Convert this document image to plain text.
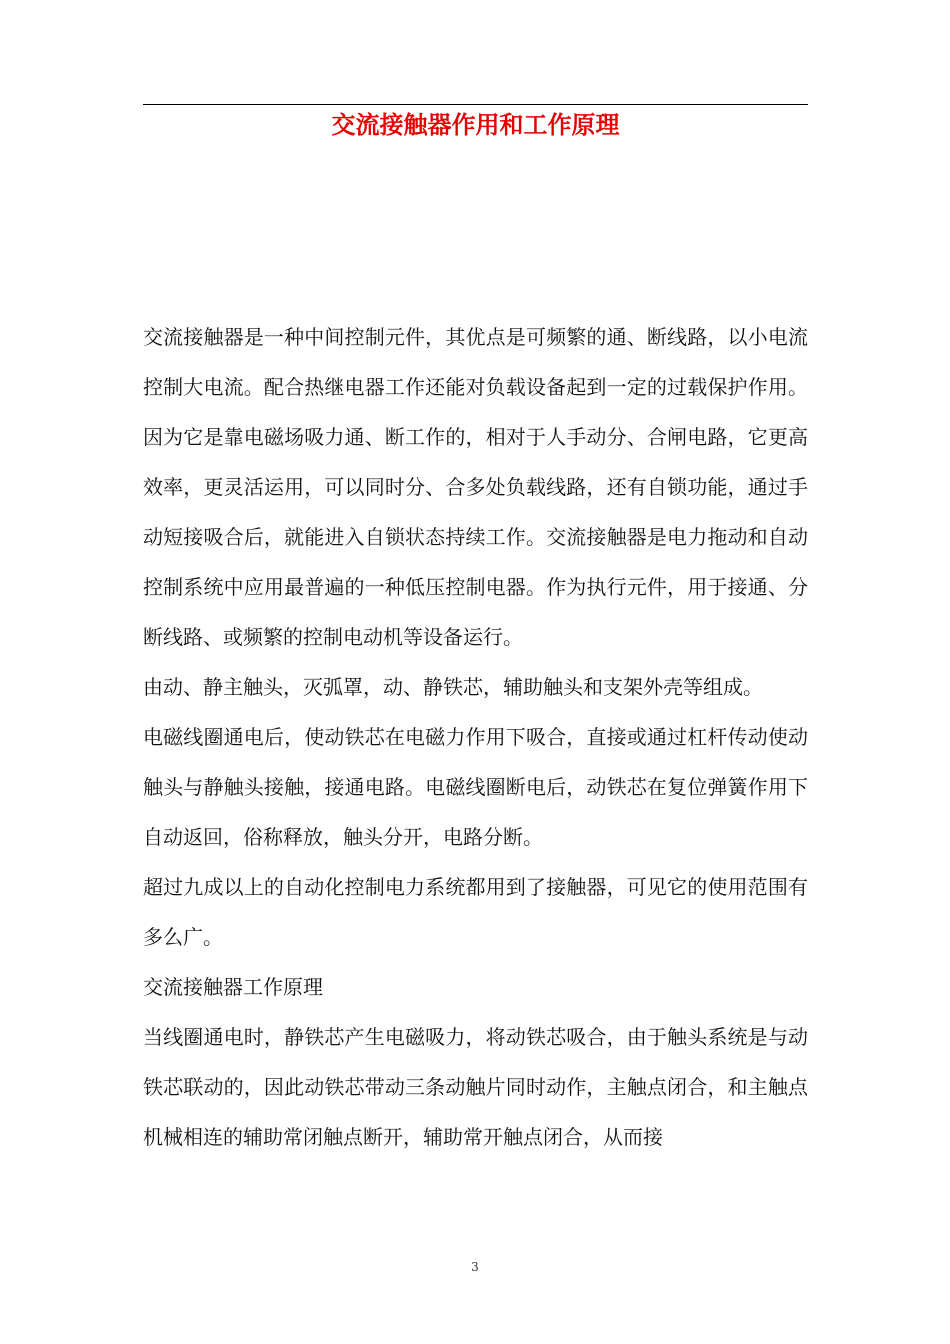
交流接触器作用和工作原理

交流接触器是一种中间控制元件，其优点是可频繁的通、断线路，以小电流控制大电流。配合热继电器工作还能对负载设备起到一定的过载保护作用。因为它是靠电磁场吸力通、断工作的，相对于人手动分、合闸电路，它更高效率，更灵活运用，可以同时分、合多处负载线路，还有自锁功能，通过手动短接吸合后，就能进入自锁状态持续工作。交流接触器是电力拖动和自动控制系统中应用最普遍的一种低压控制电器。作为执行元件，用于接通、分断线路、或频繁的控制电动机等设备运行。

由动、静主触头，灭弧罩，动、静铁芯，辅助触头和支架外壳等组成。

电磁线圈通电后，使动铁芯在电磁力作用下吸合，直接或通过杠杆传动使动触头与静触头接触，接通电路。电磁线圈断电后，动铁芯在复位弹簧作用下自动返回，俗称释放，触头分开，电路分断。

超过九成以上的自动化控制电力系统都用到了接触器，可见它的使用范围有多么广。

交流接触器工作原理

当线圈通电时，静铁芯产生电磁吸力，将动铁芯吸合，由于触头系统是与动铁芯联动的，因此动铁芯带动三条动触片同时动作，主触点闭合，和主触点机械相连的辅助常闭触点断开，辅助常开触点闭合，从而接

3
